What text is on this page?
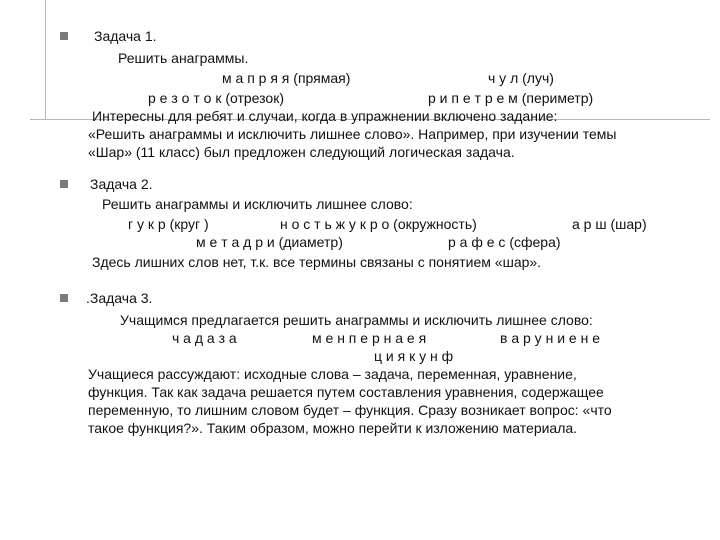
Задача 1.
Решить анаграммы.
м а п р я я (прямая)	ч у л (луч)
р е з о т о к (отрезок)	р и п е т р е м (периметр)
Интересны для ребят и случаи, когда в упражнении включено задание:
«Решить анаграммы и исключить лишнее слово». Например, при изучении темы
«Шар» (11 класс) был предложен следующий логическая задача.
Задача 2.
Решить анаграммы и исключить лишнее слово:
г у к р (круг )	н о с т ь ж у к р о (окружность)	а р ш (шар)
м е т а д р и (диаметр)	р а ф е с (сфера)
Здесь лишних слов нет, т.к. все термины связаны с понятием «шар».
.Задача 3.
Учащимся предлагается решить анаграммы и исключить лишнее слово:
ч а д а з а	м е н п е р н а е я	в а р у н и е н е
ц и я к у н ф
Учащиеся рассуждают: исходные слова – задача, переменная, уравнение,
функция. Так как задача решается путем составления уравнения, содержащее
переменную, то лишним словом будет – функция. Сразу возникает вопрос: «что
такое функция?». Таким образом, можно перейти к изложению материала.
